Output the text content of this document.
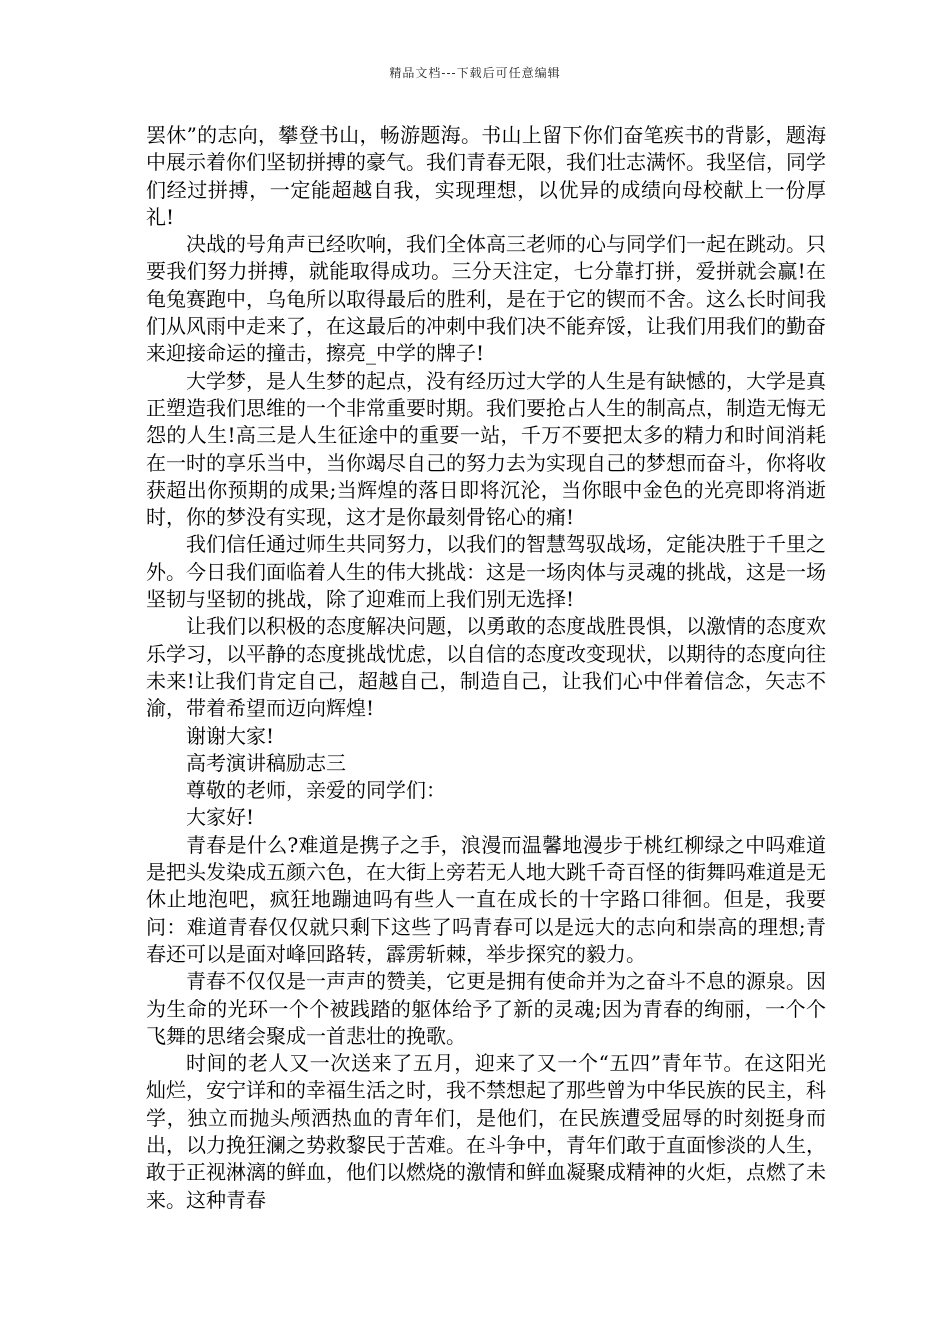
精品文档---下载后可任意编辑

罢休”的志向，攀登书山，畅游题海。书山上留下你们奋笔疾书的背影，题海中展示着你们坚韧拼搏的豪气。我们青春无限，我们壮志满怀。我坚信，同学们经过拼搏，一定能超越自我，实现理想，以优异的成绩向母校献上一份厚礼!

决战的号角声已经吹响，我们全体高三老师的心与同学们一起在跳动。只要我们努力拼搏，就能取得成功。三分天注定，七分靠打拼，爱拼就会赢!在龟兔赛跑中，乌龟所以取得最后的胜利，是在于它的锲而不舍。这么长时间我们从风雨中走来了，在这最后的冲刺中我们决不能弃馁，让我们用我们的勤奋来迎接命运的撞击，擦亮_中学的牌子!

大学梦，是人生梦的起点，没有经历过大学的人生是有缺憾的，大学是真正塑造我们思维的一个非常重要时期。我们要抢占人生的制高点，制造无悔无怨的人生!高三是人生征途中的重要一站，千万不要把太多的精力和时间消耗在一时的享乐当中，当你竭尽自己的努力去为实现自己的梦想而奋斗，你将收获超出你预期的成果;当辉煌的落日即将沉沦，当你眼中金色的光亮即将消逝时，你的梦没有实现，这才是你最刻骨铭心的痛!

我们信任通过师生共同努力，以我们的智慧驾驭战场，定能决胜于千里之外。今日我们面临着人生的伟大挑战：这是一场肉体与灵魂的挑战，这是一场坚韧与坚韧的挑战，除了迎难而上我们别无选择!

让我们以积极的态度解决问题，以勇敢的态度战胜畏惧，以激情的态度欢乐学习，以平静的态度挑战忧虑，以自信的态度改变现状，以期待的态度向往未来!让我们肯定自己，超越自己，制造自己，让我们心中伴着信念，矢志不渝，带着希望而迈向辉煌!

谢谢大家!

高考演讲稿励志三

尊敬的老师，亲爱的同学们：

大家好!

青春是什么?难道是携子之手，浪漫而温馨地漫步于桃红柳绿之中吗难道是把头发染成五颜六色，在大街上旁若无人地大跳千奇百怪的街舞吗难道是无休止地泡吧，疯狂地蹦迪吗有些人一直在成长的十字路口徘徊。但是，我要问：难道青春仅仅就只剩下这些了吗青春可以是远大的志向和崇高的理想;青春还可以是面对峰回路转，霹雳斩棘，举步探究的毅力。

青春不仅仅是一声声的赞美，它更是拥有使命并为之奋斗不息的源泉。因为生命的光环一个个被践踏的躯体给予了新的灵魂;因为青春的绚丽，一个个飞舞的思绪会聚成一首悲壮的挽歌。

时间的老人又一次送来了五月，迎来了又一个“五四”青年节。在这阳光灿烂，安宁详和的幸福生活之时，我不禁想起了那些曾为中华民族的民主，科学，独立而抛头颅洒热血的青年们，是他们，在民族遭受屈辱的时刻挺身而出，以力挽狂澜之势救黎民于苦难。在斗争中，青年们敢于直面惨淡的人生，敢于正视淋漓的鲜血，他们以燃烧的激情和鲜血凝聚成精神的火炬，点燃了未来。这种青春
